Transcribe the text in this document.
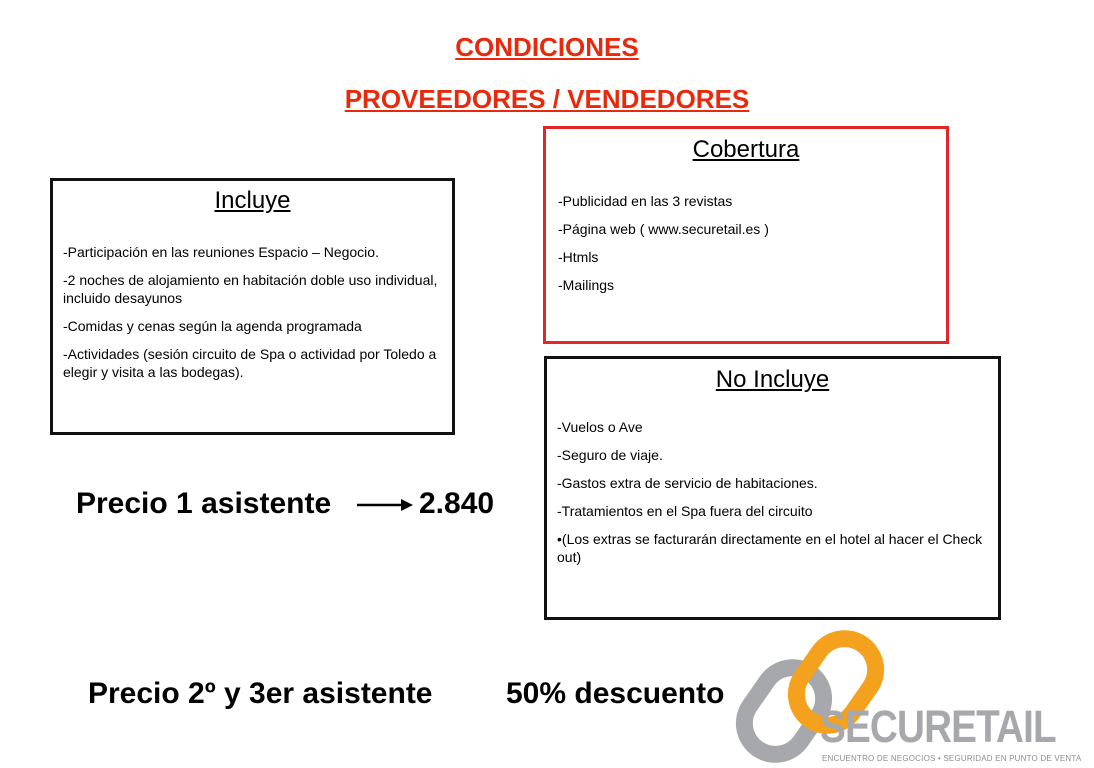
CONDICIONES
PROVEEDORES / VENDEDORES
Incluye
-Participación en las reuniones Espacio – Negocio.
-2 noches de alojamiento en habitación doble uso individual, incluido desayunos
-Comidas y cenas según la agenda programada
-Actividades (sesión circuito de Spa o actividad por Toledo a elegir y visita a las bodegas).
Cobertura
-Publicidad en las 3 revistas
-Página web ( www.securetail.es )
-Htmls
-Mailings
No Incluye
-Vuelos o Ave
-Seguro de viaje.
-Gastos extra de servicio de habitaciones.
-Tratamientos en el Spa fuera del circuito
•(Los extras se facturarán directamente en el hotel al hacer el Check out)

Precio 1 asistente	2.840

Precio 2º y 3er asistente 50% descuento

SECURETAIL

ENCUENTRO DE NEGOCIOS • SEGURIDAD EN PUNTO DE VENTA
